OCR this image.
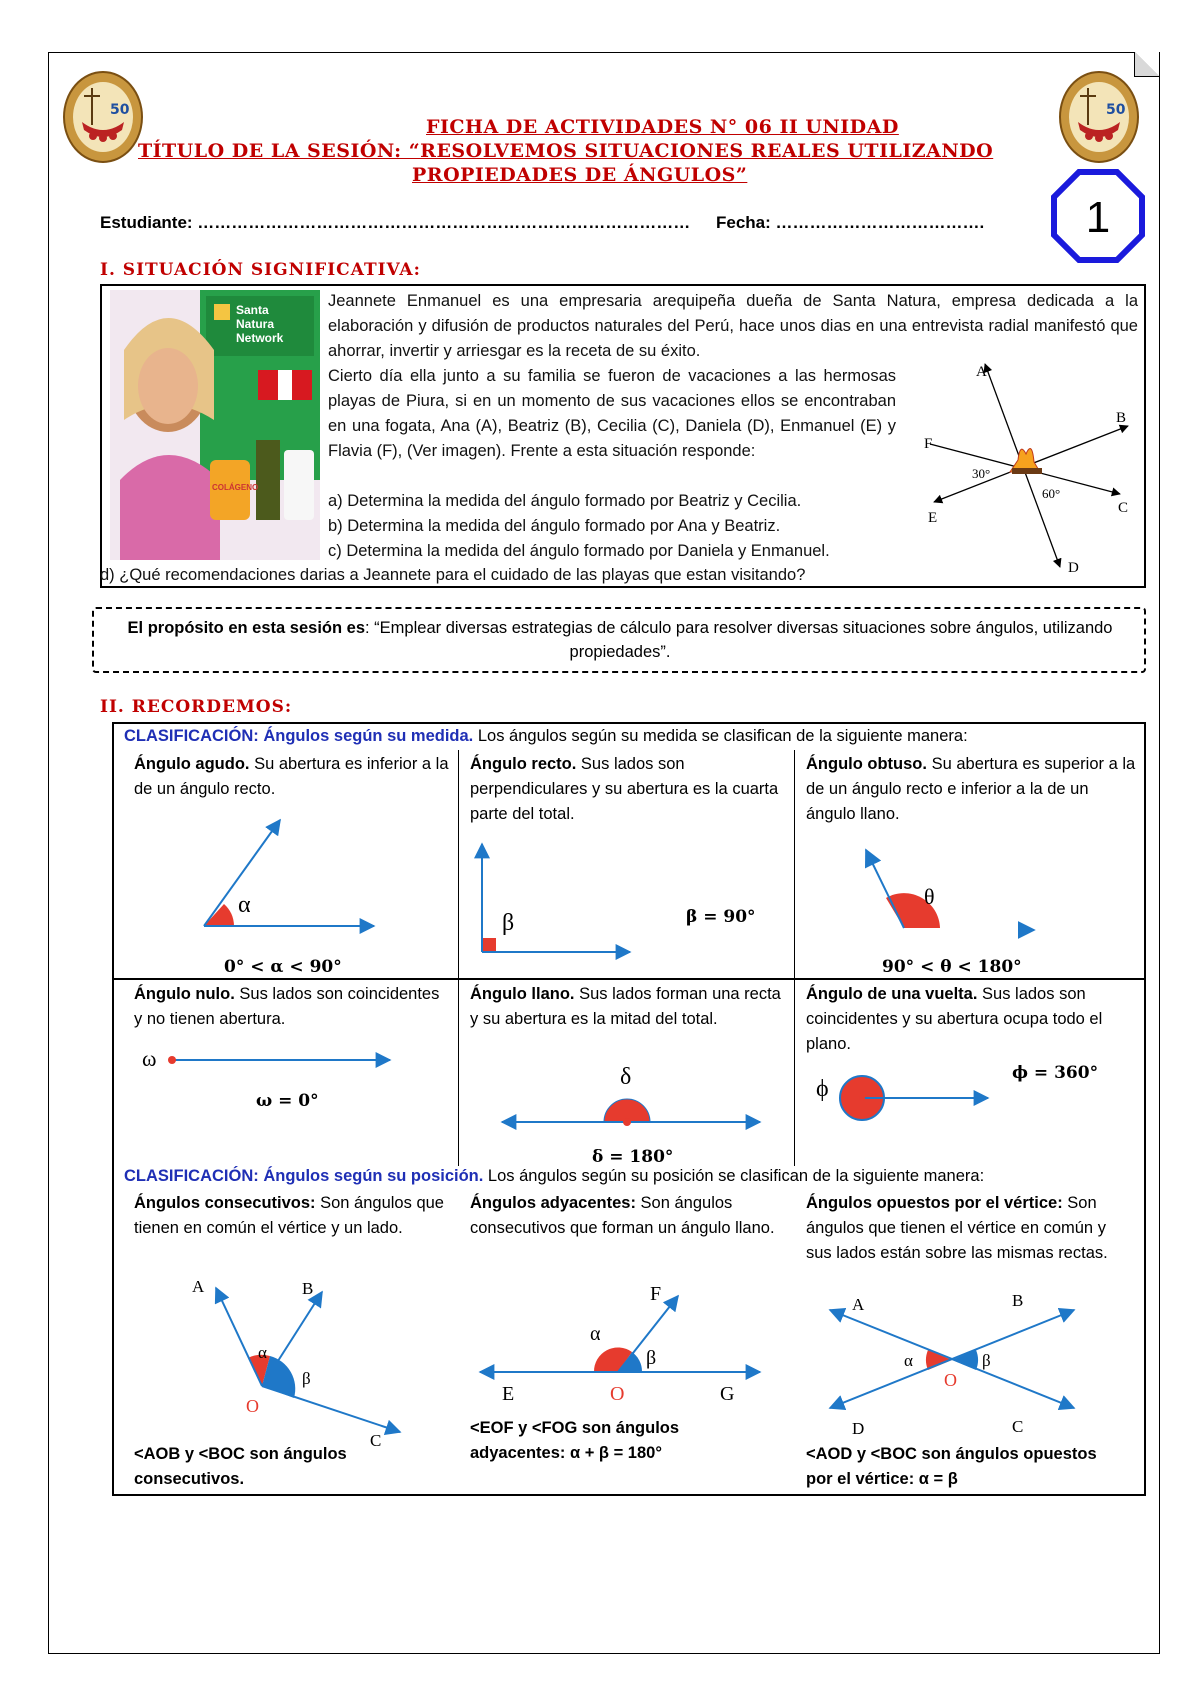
50	50
FICHA DE ACTIVIDADES N° 06 II UNIDAD
TÍTULO DE LA SESIÓN: “RESOLVEMOS SITUACIONES REALES UTILIZANDO
PROPIEDADES DE ÁNGULOS”
Estudiante: …………………………………………………………………………… Fecha: ………………………………. 1
I. SITUACIÓN SIGNIFICATIVA:
Santa
Natura
Network
COLÁGENO
Jeannete Enmanuel es una empresaria arequipeña dueña de Santa Natura, empresa dedicada a la elaboración y difusión de productos naturales del Perú, hace unos dias en una entrevista radial manifestó que ahorrar, invertir y arriesgar es la receta de su éxito.
Cierto día ella junto a su familia se fueron de vacaciones a las hermosas playas de Piura, si en un momento de sus vacaciones ellos se encontraban en una fogata, Ana (A), Beatriz (B), Cecilia (C), Daniela (D), Enmanuel (E) y Flavia (F), (Ver imagen). Frente a esta situación responde:
a) Determina la medida del ángulo formado por Beatriz y Cecilia.
b) Determina la medida del ángulo formado por Ana y Beatriz.
c) Determina la medida del ángulo formado por Daniela y Enmanuel.
d) ¿Qué recomendaciones darias a Jeannete para el cuidado de las playas que estan visitando?
A
B
C
D
E
F
30°
60°
El propósito en esta sesión es: “Emplear diversas estrategias de cálculo para resolver diversas situaciones sobre ángulos, utilizando propiedades”.
II. RECORDEMOS:
CLASIFICACIÓN: Ángulos según su medida. Los ángulos según su medida se clasifican de la siguiente manera:
Ángulo agudo. Su abertura es inferior a la de un ángulo recto.
Ángulo recto. Sus lados son perpendiculares y su abertura es la cuarta parte del total.
Ángulo obtuso. Su abertura es superior a la de un ángulo recto e inferior a la de un ángulo llano.
α
0° < α < 90°
β	β = 90°
θ
90° < θ < 180°
Ángulo nulo. Sus lados son coincidentes y no tienen abertura.
Ángulo llano. Sus lados forman una recta y su abertura es la mitad del total.
Ángulo de una vuelta. Sus lados son coincidentes y su abertura ocupa todo el plano.
ω
ω = 0°
δ
δ = 180°
ϕ
ϕ = 360°
CLASIFICACIÓN: Ángulos según su posición. Los ángulos según su posición se clasifican de la siguiente manera:
Ángulos consecutivos: Son ángulos que tienen en común el vértice y un lado.
Ángulos adyacentes: Son ángulos consecutivos que forman un ángulo llano.
Ángulos opuestos por el vértice: Son ángulos que tienen el vértice en común y sus lados están sobre las mismas rectas.
A	B
C
O
α
β
E
F
G
O
α
β
A	B
C
D
O
α	β
<AOB y <BOC son ángulos consecutivos.
<EOF y <FOG son ángulos adyacentes: α + β = 180°	<AOD y <BOC son ángulos opuestos por el vértice: α = β
